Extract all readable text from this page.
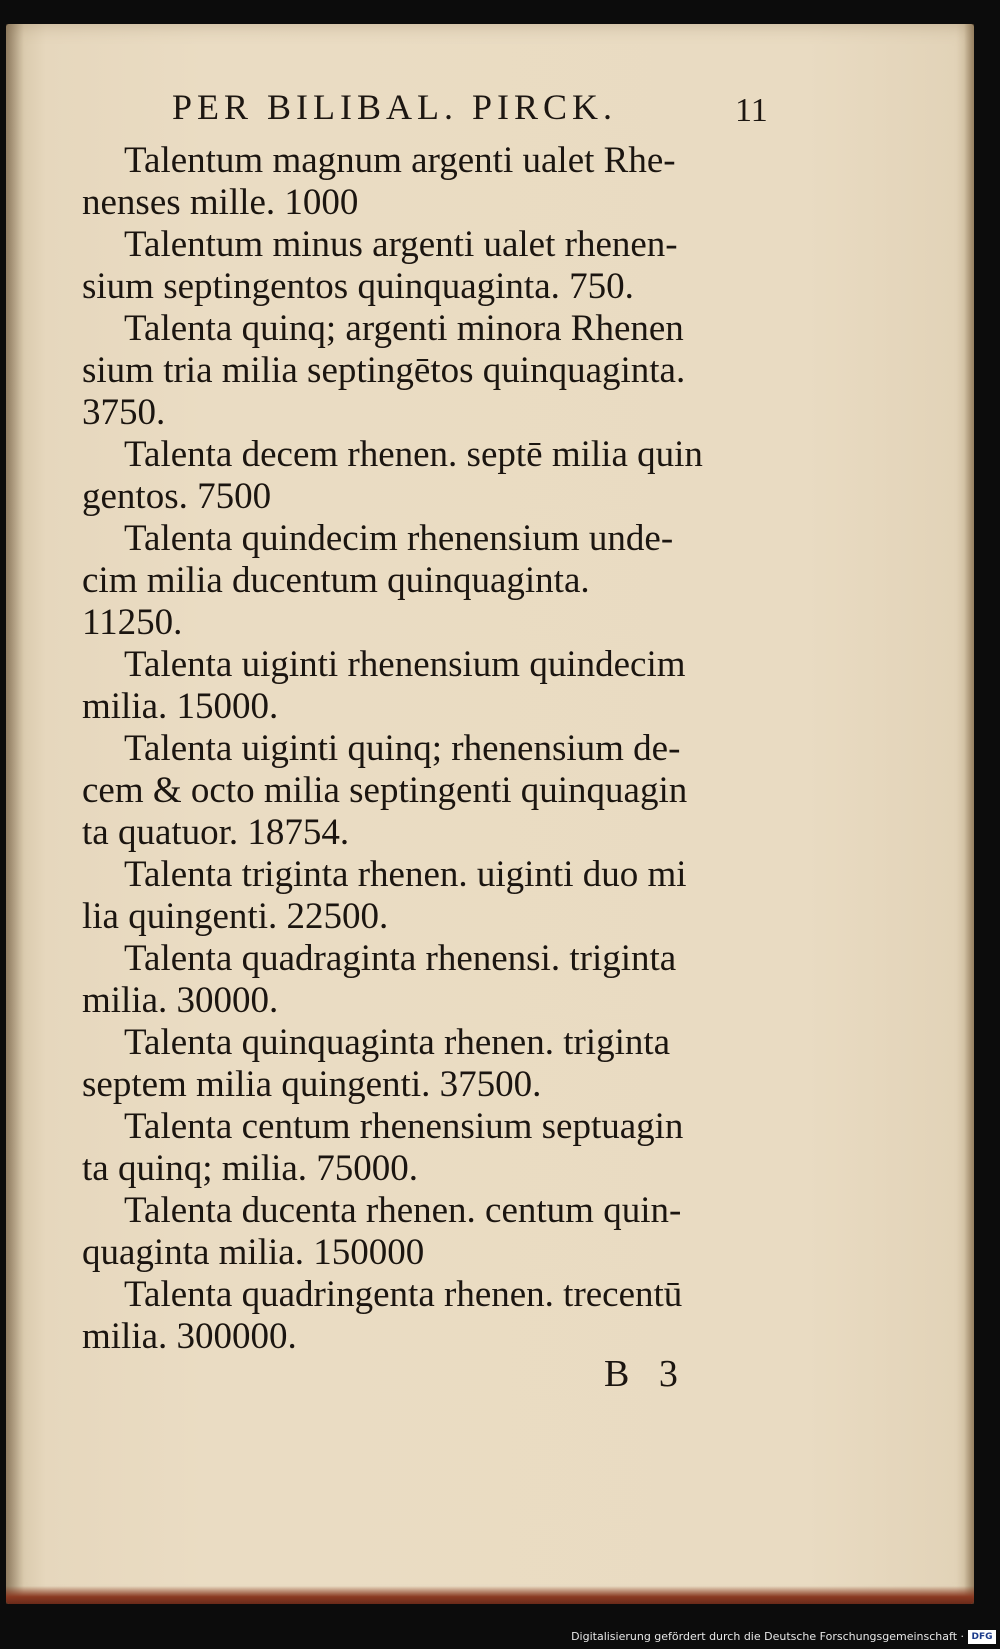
PER BILIBAL. PIRCK.	11
Talentum magnum argenti ualet Rhe-
nenses mille. 1000
Talentum minus argenti ualet rhenen-
sium septingentos quinquaginta. 750.
Talenta quinq; argenti minora Rhenen
sium tria milia septingētos quinquaginta.
3750.
Talenta decem rhenen. septē milia quin
gentos. 7500
Talenta quindecim rhenensium unde-
cim milia ducentum quinquaginta.
11250.
Talenta uiginti rhenensium quindecim
milia. 15000.
Talenta uiginti quinq; rhenensium de-
cem & octo milia septingenti quinquagin
ta quatuor. 18754.
Talenta triginta rhenen. uiginti duo mi
lia quingenti. 22500.
Talenta quadraginta rhenensi. triginta
milia. 30000.
Talenta quinquaginta rhenen. triginta
septem milia quingenti. 37500.
Talenta centum rhenensium septuagin
ta quinq; milia. 75000.
Talenta ducenta rhenen. centum quin-
quaginta milia. 150000
Talenta quadringenta rhenen. trecentū
milia. 300000.
B 3
Digitalisierung gefördert durch die Deutsche Forschungsgemeinschaft · DFG
